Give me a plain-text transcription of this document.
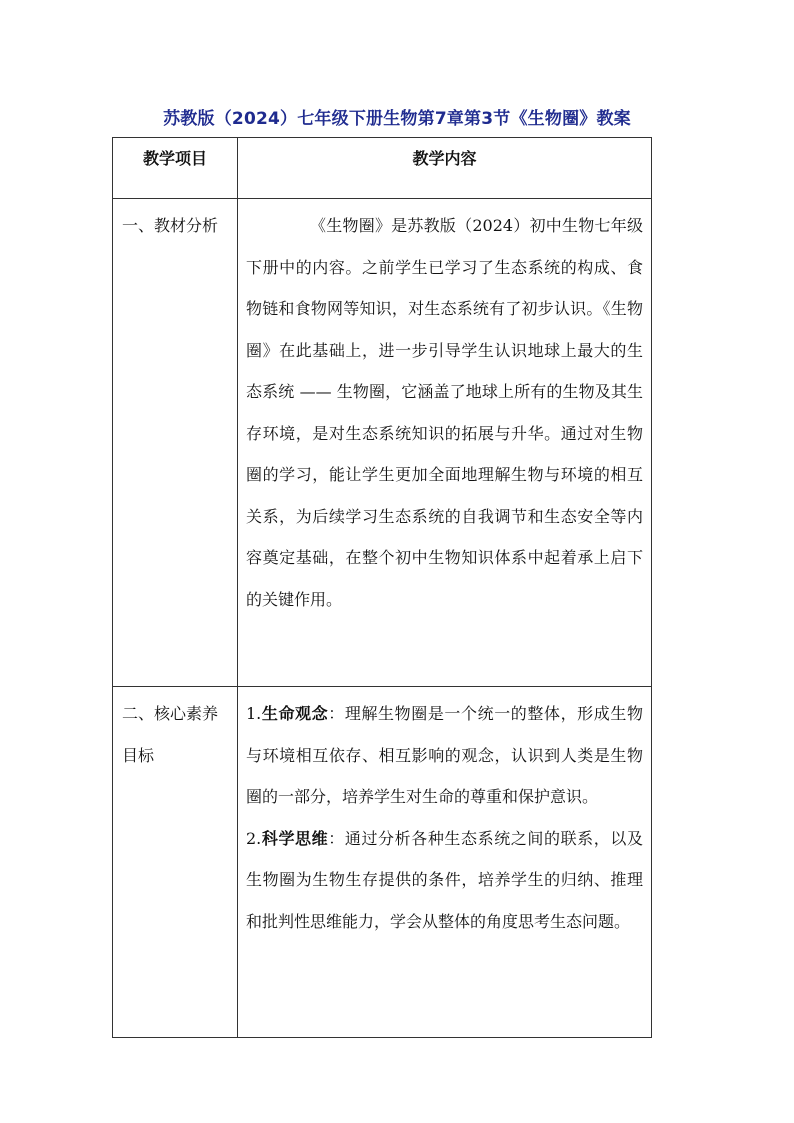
苏教版（2024）七年级下册生物第7章第3节《生物圈》教案
教学项目	教学内容
一、教材分析	《生物圈》是苏教版（2024）初中生物七年级下册中的内容。之前学生已学习了生态系统的构成、食物链和食物网等知识，对生态系统有了初步认识。《生物圈》在此基础上，进一步引导学生认识地球上最大的生态系统 —— 生物圈，它涵盖了地球上所有的生物及其生存环境，是对生态系统知识的拓展与升华。通过对生物圈的学习，能让学生更加全面地理解生物与环境的相互关系，为后续学习生态系统的自我调节和生态安全等内容奠定基础，在整个初中生物知识体系中起着承上启下的关键作用。

二、核心素养目标	1.生命观念：理解生物圈是一个统一的整体，形成生物与环境相互依存、相互影响的观念，认识到人类是生物圈的一部分，培养学生对生命的尊重和保护意识。

2.科学思维：通过分析各种生态系统之间的联系，以及生物圈为生物生存提供的条件，培养学生的归纳、推理和批判性思维能力，学会从整体的角度思考生态问题。
